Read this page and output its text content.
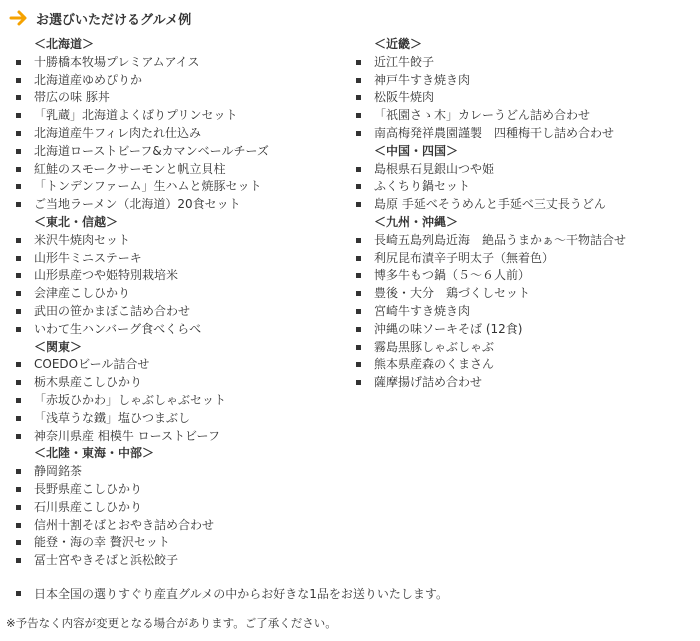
お選びいただけるグルメ例
＜北海道＞
十勝橋本牧場プレミアムアイス
北海道産ゆめぴりか
帯広の味 豚丼
「乳蔵」北海道よくばりプリンセット
北海道産牛フィレ肉たれ仕込み
北海道ローストビーフ&カマンベールチーズ
紅鮭のスモークサーモンと帆立貝柱
「トンデンファーム」生ハムと焼豚セット
ご当地ラーメン（北海道）20食セット
＜東北・信越＞
米沢牛焼肉セット
山形牛ミニステーキ
山形県産つや姫特別栽培米
会津産こしひかり
武田の笹かまぼこ詰め合わせ
いわて生ハンバーグ食べくらべ
＜関東＞
COEDOビール詰合せ
栃木県産こしひかり
「赤坂ひかわ」しゃぶしゃぶセット
「浅草うな鐵」塩ひつまぶし
神奈川県産 相模牛 ローストビーフ
＜北陸・東海・中部＞
静岡銘茶
長野県産こしひかり
石川県産こしひかり
信州十割そばとおやき詰め合わせ
能登・海の幸 贅沢セット
冨士宮やきそばと浜松餃子
＜近畿＞
近江牛餃子
神戸牛すき焼き肉
松阪牛焼肉
「祇園さゝ木」カレーうどん詰め合わせ
南高梅発祥農園謹製　四種梅干し詰め合わせ
＜中国・四国＞
島根県石見銀山つや姫
ふくちり鍋セット
島原 手延べそうめんと手延べ三丈長うどん
＜九州・沖縄＞
長崎五島列島近海　絶品うまかぁ～干物詰合せ
利尻昆布漬辛子明太子（無着色）
博多牛もつ鍋（５～６人前）
豊後・大分　鶏づくしセット
宮崎牛すき焼き肉
沖縄の味ソーキそば (12食)
霧島黒豚しゃぶしゃぶ
熊本県産森のくまさん
薩摩揚げ詰め合わせ
日本全国の選りすぐり産直グルメの中からお好きな1品をお送りいたします。
※予告なく内容が変更となる場合があります。ご了承ください。
